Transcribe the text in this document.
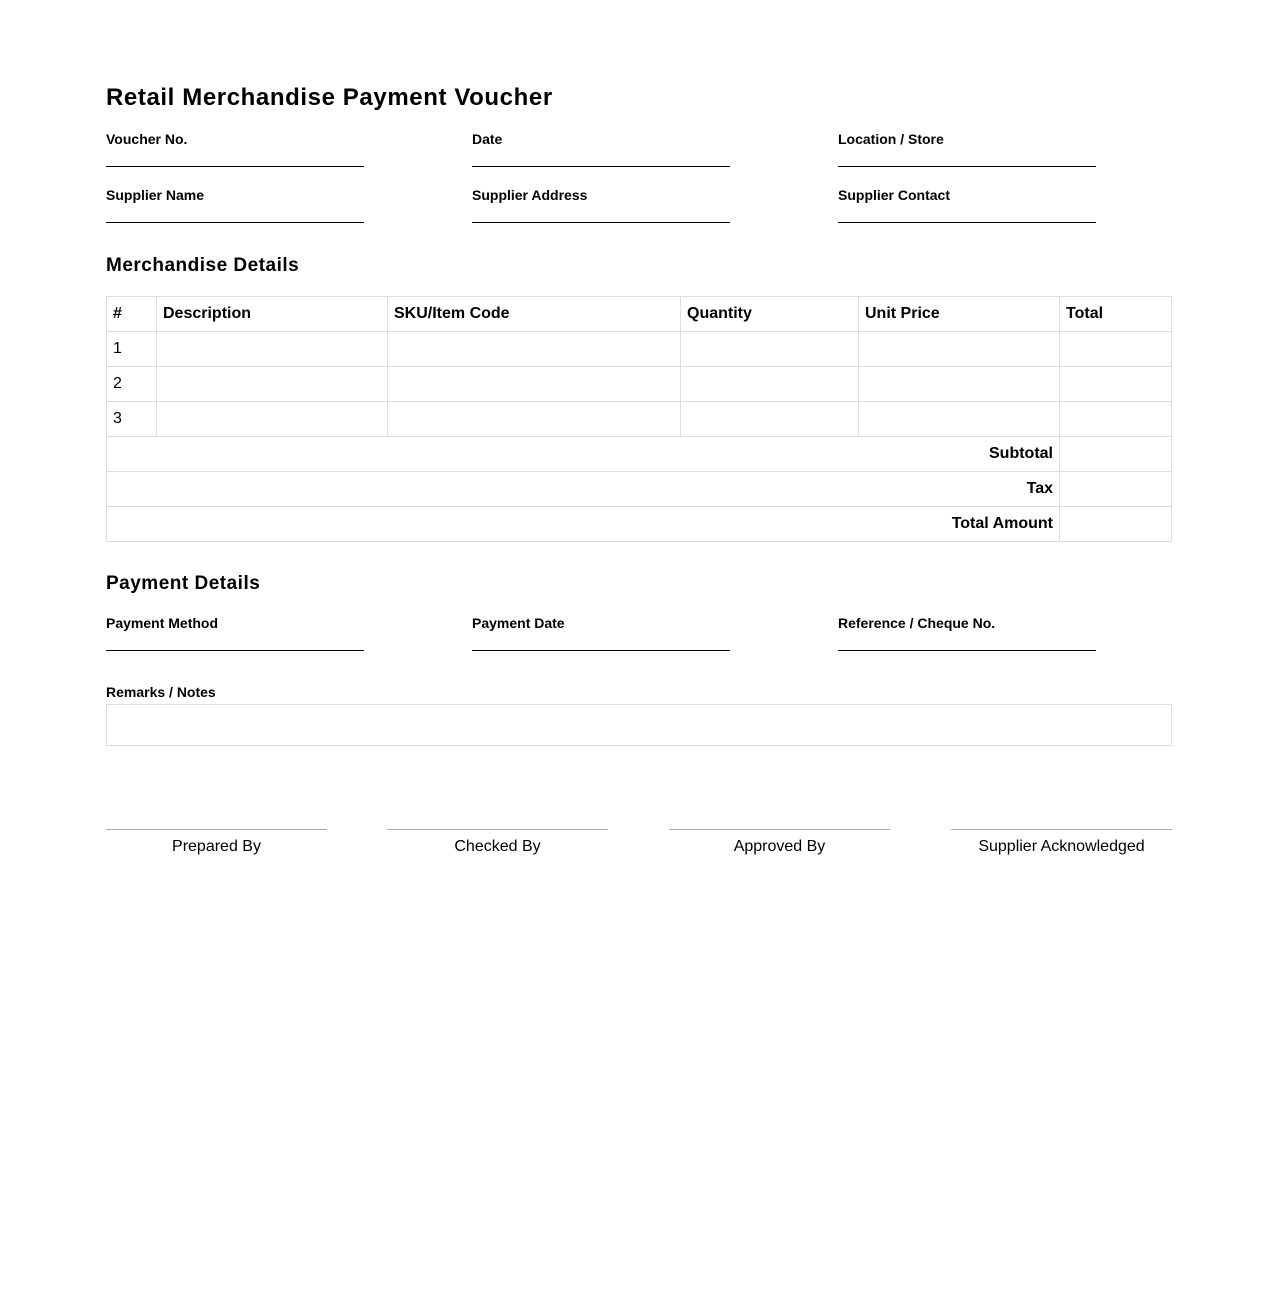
Retail Merchandise Payment Voucher
Voucher No.	Date	Location / Store
Supplier Name	Supplier Address	Supplier Contact
Merchandise Details
#	Description	SKU/Item Code	Quantity	Unit Price	Total
1					
2					
3					
Subtotal					
Tax					
Total Amount					
Payment Details
Payment Method	Payment Date	Reference / Cheque No.
Remarks / Notes
Prepared By	Checked By	Approved By	Supplier Acknowledged
